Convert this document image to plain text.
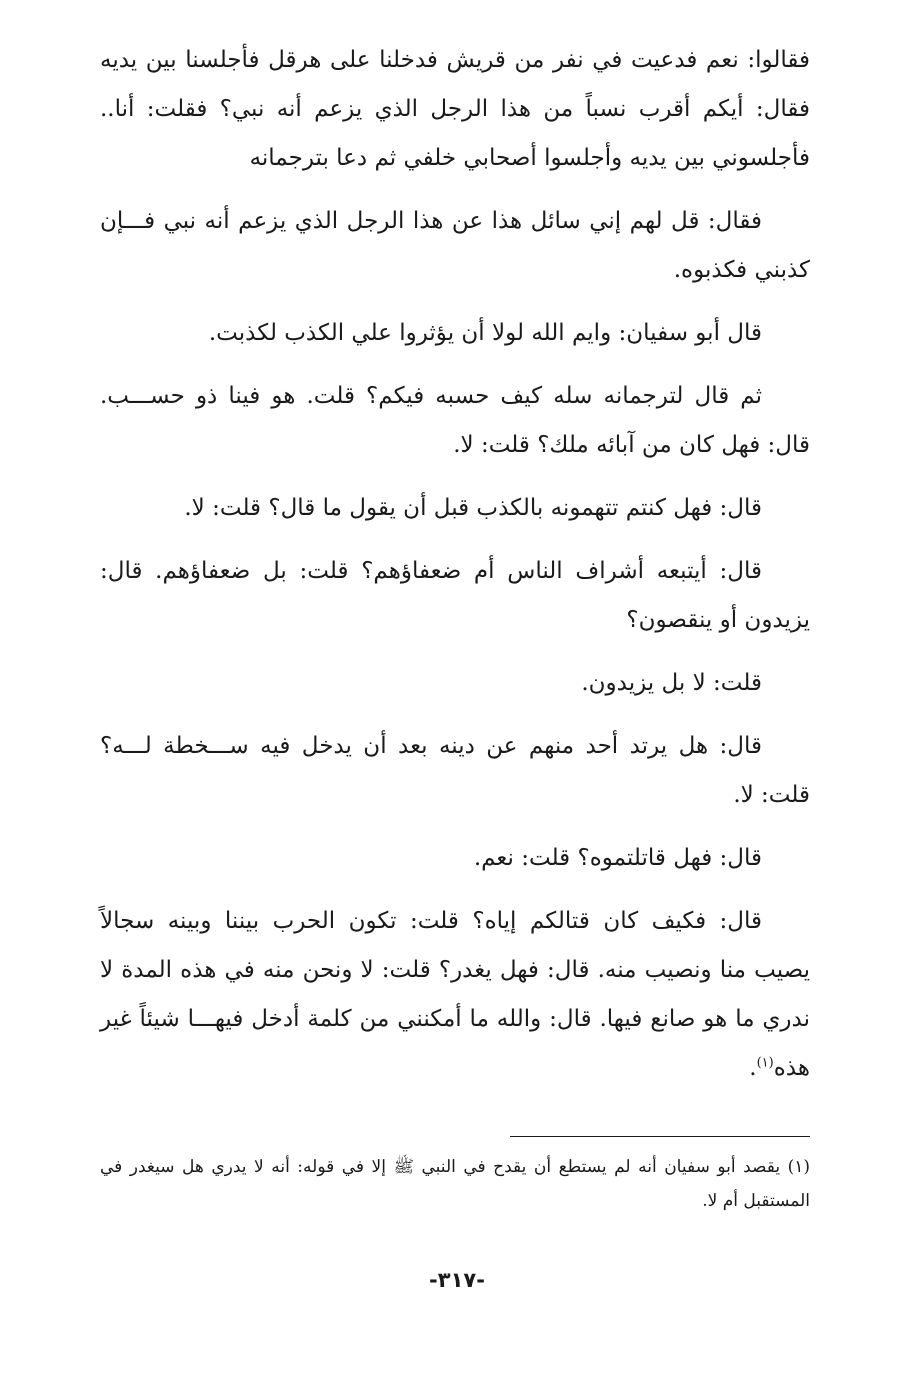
فقالوا: نعم فدعيت في نفر من قريش فدخلنا على هرقل فأجلسنا بين يديه فقال: أيكم أقرب نسباً من هذا الرجل الذي يزعم أنه نبي؟ فقلت: أنا.. فأجلسوني بين يديه وأجلسوا أصحابي خلفي ثم دعا بترجمانه

فقال: قل لهم إني سائل هذا عن هذا الرجل الذي يزعم أنه نبي فـــإن كذبني فكذبوه.

قال أبو سفيان: وايم الله لولا أن يؤثروا علي الكذب لكذبت.

ثم قال لترجمانه سله كيف حسبه فيكم؟ قلت. هو فينا ذو حســـب. قال: فهل كان من آبائه ملك؟ قلت: لا.

قال: فهل كنتم تتهمونه بالكذب قبل أن يقول ما قال؟ قلت: لا.

قال: أيتبعه أشراف الناس أم ضعفاؤهم؟ قلت: بل ضعفاؤهم. قال: يزيدون أو ينقصون؟

قلت: لا بل يزيدون.

قال: هل يرتد أحد منهم عن دينه بعد أن يدخل فيه ســـخطة لـــه؟ قلت: لا.

قال: فهل قاتلتموه؟ قلت: نعم.

قال: فكيف كان قتالكم إياه؟ قلت: تكون الحرب بيننا وبينه سجالاً يصيب منا ونصيب منه. قال: فهل يغدر؟ قلت: لا ونحن منه في هذه المدة لا ندري ما هو صانع فيها. قال: والله ما أمكنني من كلمة أدخل فيهـــا شيئاً غير هذه$^{(١)}$.

(١) يقصد أبو سفيان أنه لم يستطع أن يقدح في النبي ﷺ إلا في قوله: أنه لا يدري هل سيغدر في المستقبل أم لا.
-٣١٧-
